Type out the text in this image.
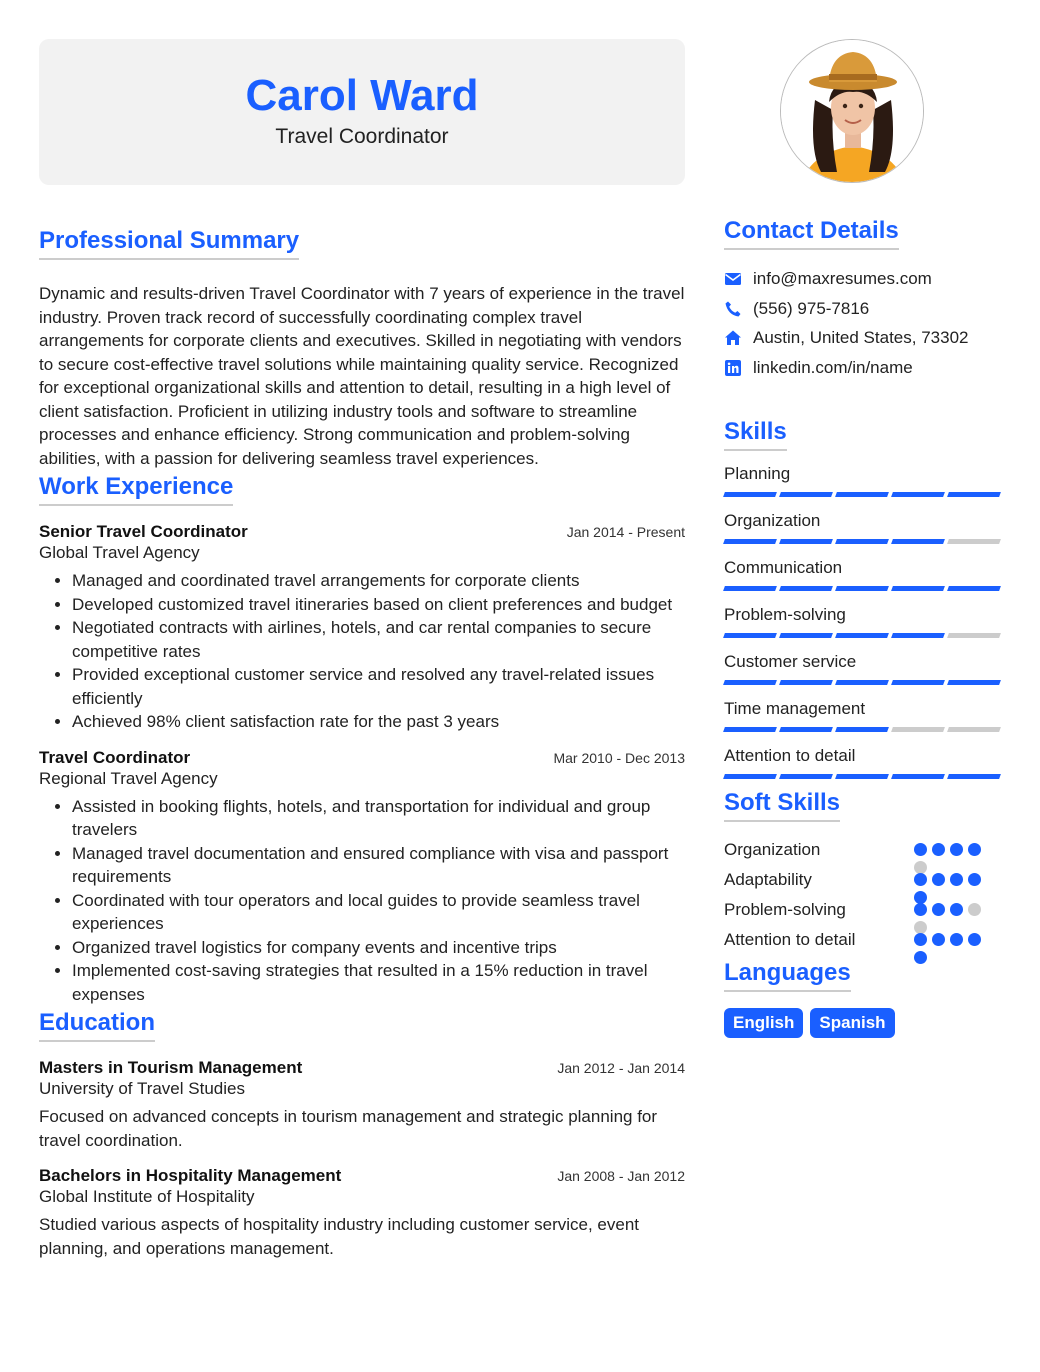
Carol Ward
Travel Coordinator
Professional Summary

Dynamic and results-driven Travel Coordinator with 7 years of experience in the travel industry. Proven track record of successfully coordinating complex travel arrangements for corporate clients and executives. Skilled in negotiating with vendors to secure cost-effective travel solutions while maintaining quality service. Recognized for exceptional organizational skills and attention to detail, resulting in a high level of client satisfaction. Proficient in utilizing industry tools and software to streamline processes and enhance efficiency. Strong communication and problem-solving abilities, with a passion for delivering seamless travel experiences.

Work Experience
Senior Travel Coordinator	Jan 2014 - Present
Global Travel Agency
• Managed and coordinated travel arrangements for corporate clients
• Developed customized travel itineraries based on client preferences and budget
• Negotiated contracts with airlines, hotels, and car rental companies to secure competitive rates
• Provided exceptional customer service and resolved any travel-related issues efficiently
• Achieved 98% client satisfaction rate for the past 3 years
Travel Coordinator	Mar 2010 - Dec 2013
Regional Travel Agency
• Assisted in booking flights, hotels, and transportation for individual and group travelers
• Managed travel documentation and ensured compliance with visa and passport requirements
• Coordinated with tour operators and local guides to provide seamless travel experiences
• Organized travel logistics for company events and incentive trips
• Implemented cost-saving strategies that resulted in a 15% reduction in travel expenses
Education
Masters in Tourism Management	Jan 2012 - Jan 2014
University of Travel Studies

Focused on advanced concepts in tourism management and strategic planning for travel coordination.

Bachelors in Hospitality Management	Jan 2008 - Jan 2012
Global Institute of Hospitality

Studied various aspects of hospitality industry including customer service, event planning, and operations management.

Contact Details
info@maxresumes.com
(556) 975-7816
Austin, United States, 73302
linkedin.com/in/name
Skills
Planning
Organization
Communication
Problem-solving
Customer service
Time management
Attention to detail
Soft Skills
Organization
Adaptability
Problem-solving
Attention to detail
Languages
English	Spanish
